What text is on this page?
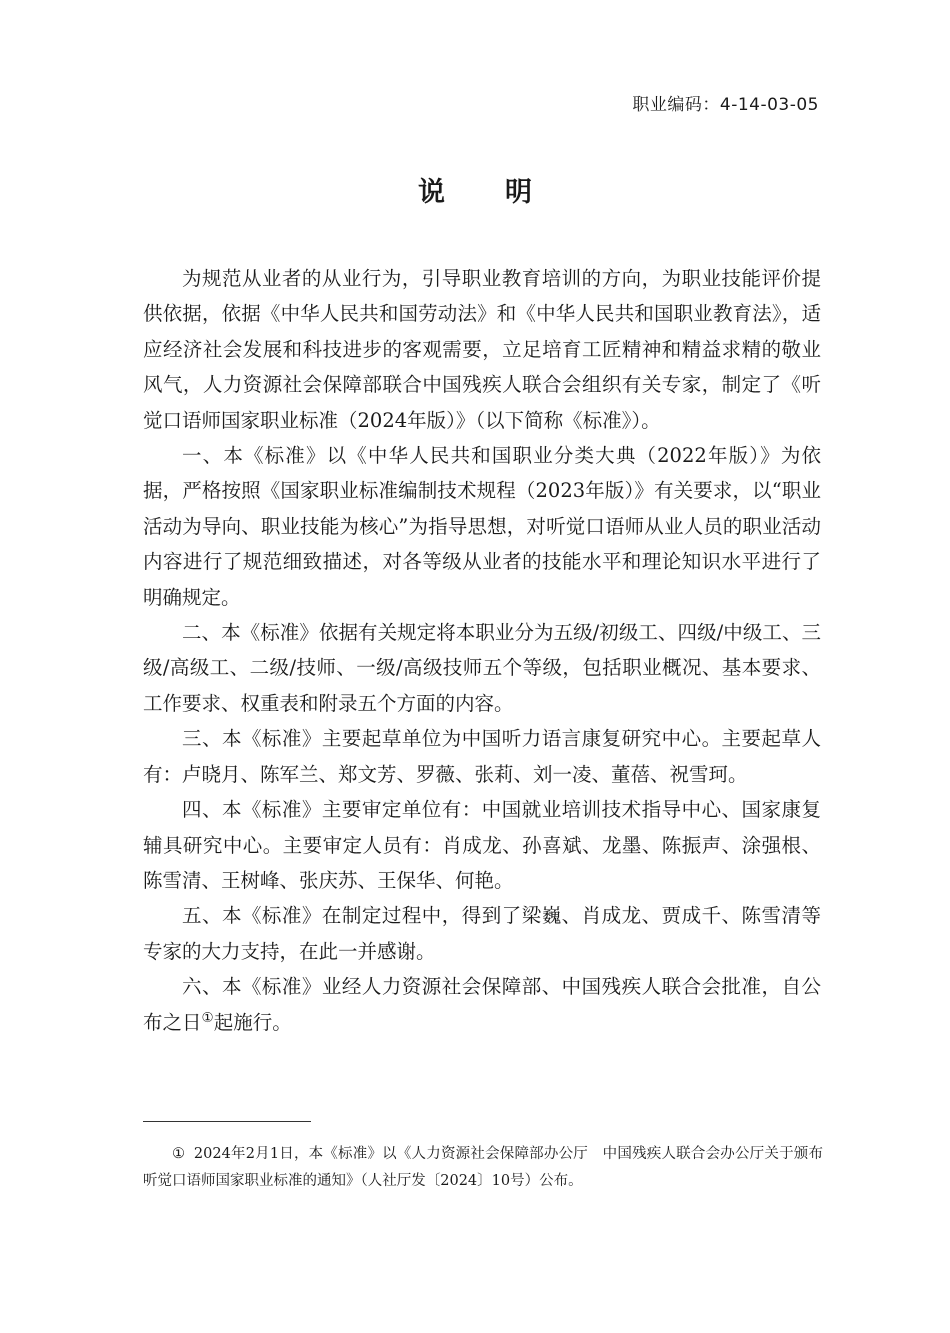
职业编码：4-14-03-05
说明

为规范从业者的从业行为，引导职业教育培训的方向，为职业技能评价提供依据，依据《中华人民共和国劳动法》和《中华人民共和国职业教育法》，适应经济社会发展和科技进步的客观需要，立足培育工匠精神和精益求精的敬业风气，人力资源社会保障部联合中国残疾人联合会组织有关专家，制定了《听觉口语师国家职业标准（2024年版）》（以下简称《标准》）。

一、本《标准》以《中华人民共和国职业分类大典（2022年版）》为依据，严格按照《国家职业标准编制技术规程（2023年版）》有关要求，以“职业活动为导向、职业技能为核心”为指导思想，对听觉口语师从业人员的职业活动内容进行了规范细致描述，对各等级从业者的技能水平和理论知识水平进行了明确规定。

二、本《标准》依据有关规定将本职业分为五级/初级工、四级/中级工、三级/高级工、二级/技师、一级/高级技师五个等级，包括职业概况、基本要求、工作要求、权重表和附录五个方面的内容。

三、本《标准》主要起草单位为中国听力语言康复研究中心。主要起草人有：卢晓月、陈军兰、郑文芳、罗薇、张莉、刘一凌、董蓓、祝雪珂。

四、本《标准》主要审定单位有：中国就业培训技术指导中心、国家康复辅具研究中心。主要审定人员有：肖成龙、孙喜斌、龙墨、陈振声、涂强根、陈雪清、王树峰、张庆苏、王保华、何艳。

五、本《标准》在制定过程中，得到了梁巍、肖成龙、贾成千、陈雪清等专家的大力支持，在此一并感谢。

六、本《标准》业经人力资源社会保障部、中国残疾人联合会批准，自公布之日①起施行。

① 2024年2月1日，本《标准》以《人力资源社会保障部办公厅　中国残疾人联合会办公厅关于颁布听觉口语师国家职业标准的通知》（人社厅发〔2024〕10号）公布。
